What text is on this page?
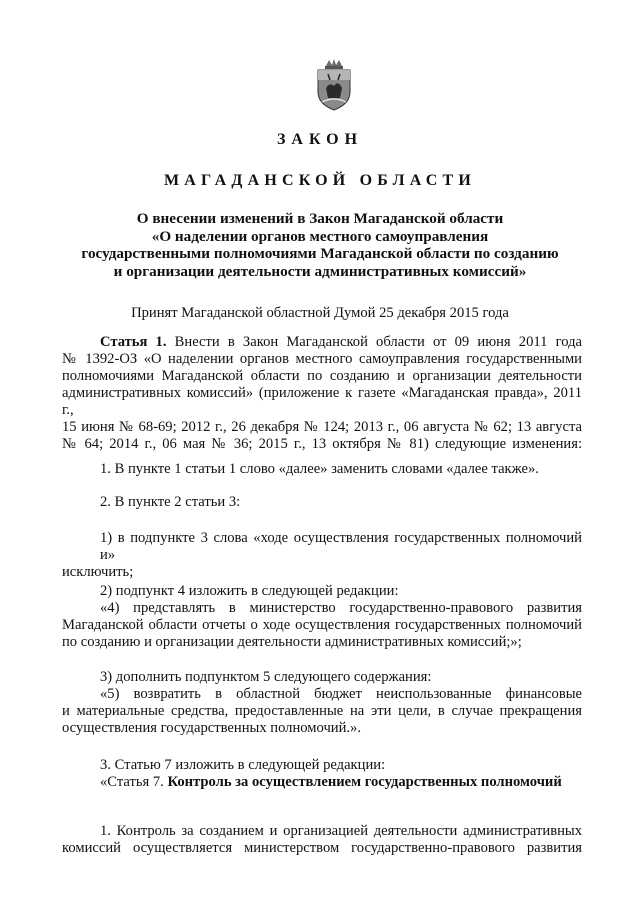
ЗАКОН
МАГАДАНСКОЙ ОБЛАСТИ
О внесении изменений в Закон Магаданской области
«О наделении органов местного самоуправления
государственными полномочиями Магаданской области по созданию
и организации деятельности административных комиссий»
Принят Магаданской областной Думой 25 декабря 2015 года
Статья 1. Внести в Закон Магаданской области от 09 июня 2011 года
№ 1392-ОЗ «О наделении органов местного самоуправления государственными
полномочиями Магаданской области по созданию и организации деятельности
административных комиссий» (приложение к газете «Магаданская правда», 2011 г.,
15 июня № 68-69; 2012 г., 26 декабря № 124; 2013 г., 06 августа № 62; 13 августа
№ 64; 2014 г., 06 мая № 36; 2015 г., 13 октября № 81) следующие изменения:
1. В пункте 1 статьи 1 слово «далее» заменить словами «далее также».
2. В пункте 2 статьи 3:
1) в подпункте 3 слова «ходе осуществления государственных полномочий и»
исключить;
2) подпункт 4 изложить в следующей редакции:
«4) представлять в министерство государственно-правового развития
Магаданской области отчеты о ходе осуществления государственных полномочий
по созданию и организации деятельности административных комиссий;»;
3) дополнить подпунктом 5 следующего содержания:
«5) возвратить в областной бюджет неиспользованные финансовые
и материальные средства, предоставленные на эти цели, в случае прекращения
осуществления государственных полномочий.».
3. Статью 7 изложить в следующей редакции:
«Статья 7. Контроль за осуществлением государственных полномочий
1. Контроль за созданием и организацией деятельности административных
комиссий осуществляется министерством государственно-правового развития
